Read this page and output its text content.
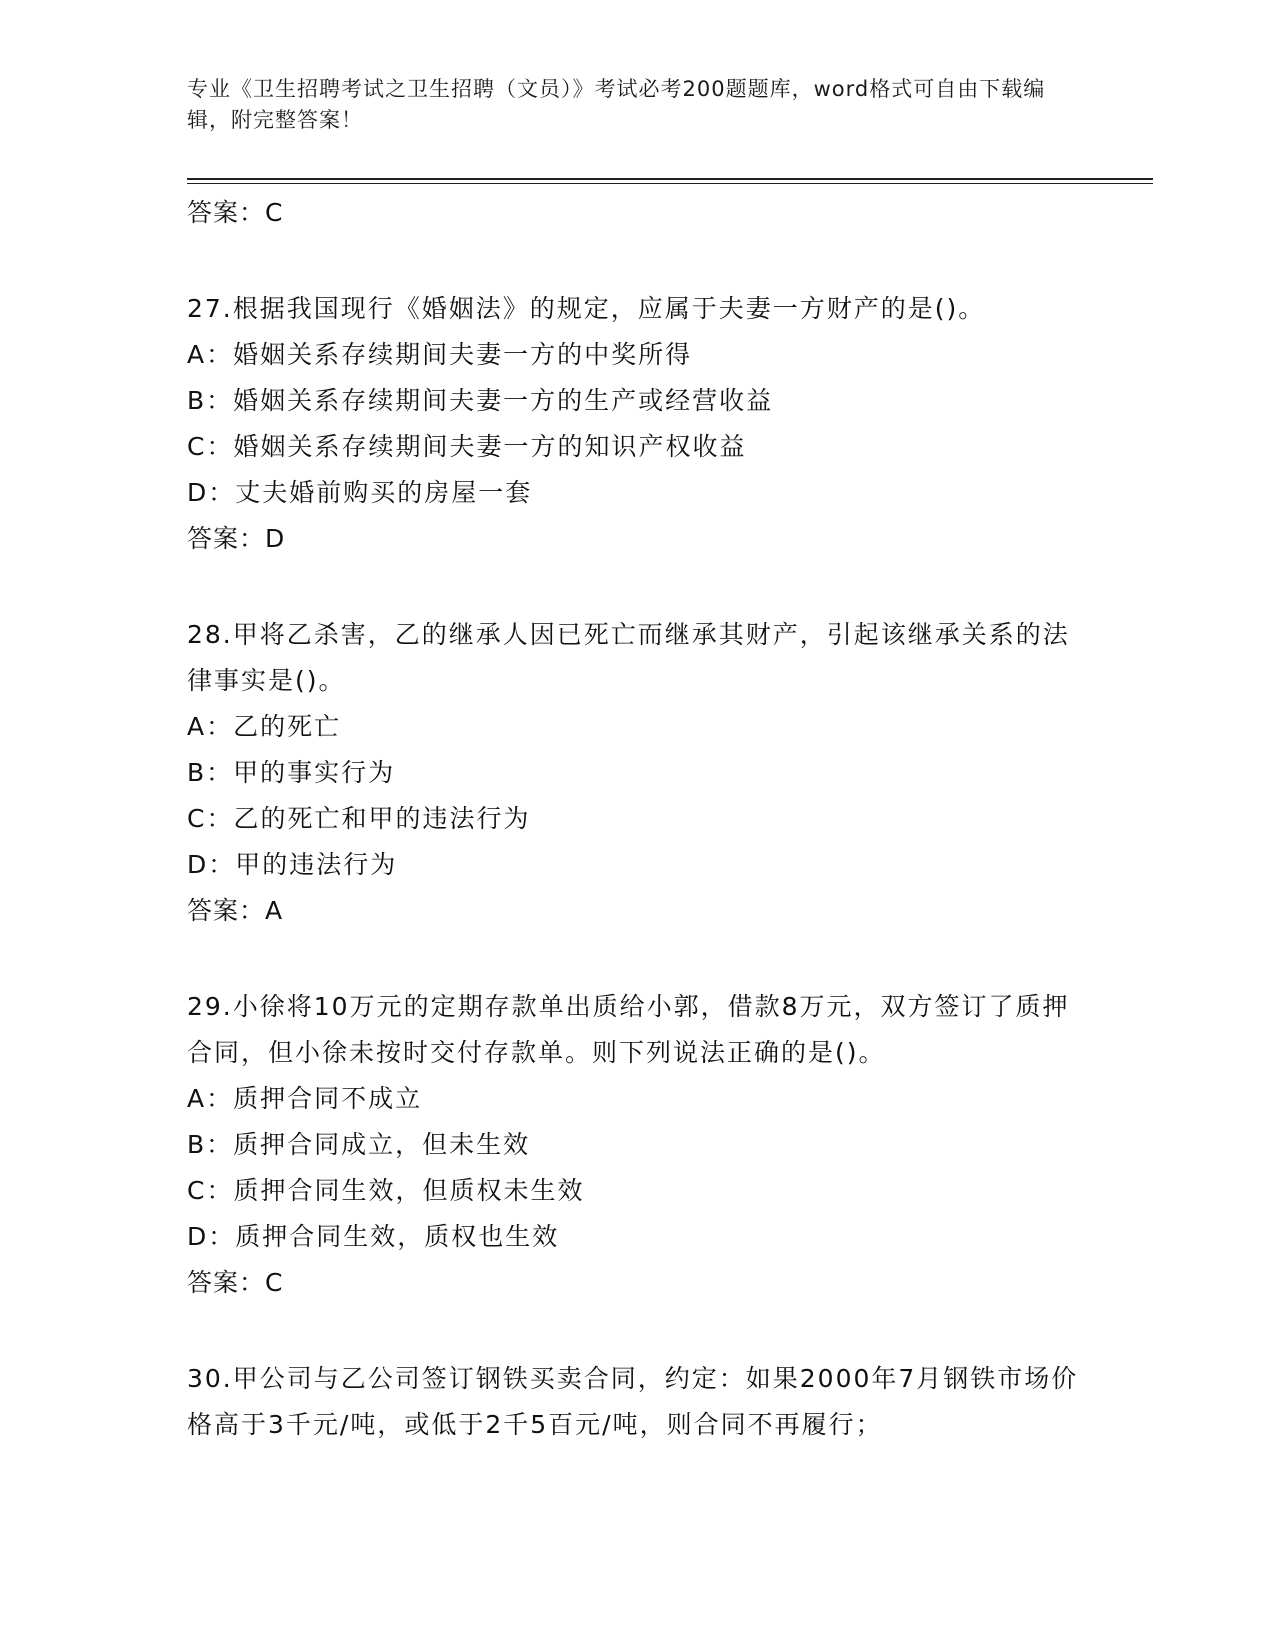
专业《卫生招聘考试之卫生招聘（文员）》考试必考200题题库，word格式可自由下载编辑，附完整答案！
答案：C
27.根据我国现行《婚姻法》的规定，应属于夫妻一方财产的是()。
A：婚姻关系存续期间夫妻一方的中奖所得
B：婚姻关系存续期间夫妻一方的生产或经营收益
C：婚姻关系存续期间夫妻一方的知识产权收益
D：丈夫婚前购买的房屋一套
答案：D
28.甲将乙杀害，乙的继承人因已死亡而继承其财产，引起该继承关系的法律事实是()。
A：乙的死亡
B：甲的事实行为
C：乙的死亡和甲的违法行为
D：甲的违法行为
答案：A
29.小徐将10万元的定期存款单出质给小郭，借款8万元，双方签订了质押合同，但小徐未按时交付存款单。则下列说法正确的是()。
A：质押合同不成立
B：质押合同成立，但未生效
C：质押合同生效，但质权未生效
D：质押合同生效，质权也生效
答案：C
30.甲公司与乙公司签订钢铁买卖合同，约定：如果2000年7月钢铁市场价格高于3千元/吨，或低于2千5百元/吨，则合同不再履行；
